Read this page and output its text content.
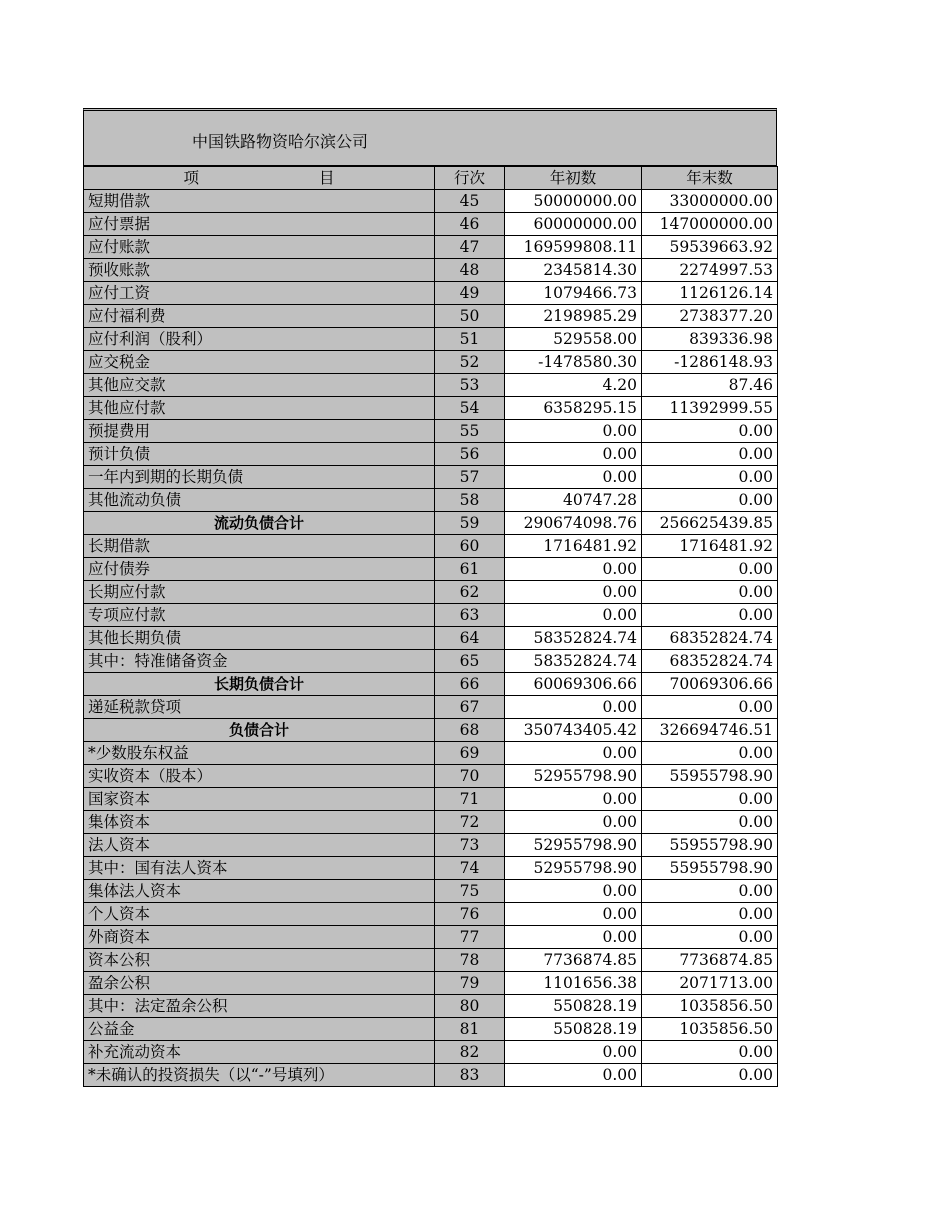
中国铁路物资哈尔滨公司
项 目	行次	年初数	年末数
短期借款	45	50000000.00	33000000.00
应付票据	46	60000000.00	147000000.00
应付账款	47	169599808.11	59539663.92
预收账款	48	2345814.30	2274997.53
应付工资	49	1079466.73	1126126.14
应付福利费	50	2198985.29	2738377.20
应付利润（股利）	51	529558.00	839336.98
应交税金	52	-1478580.30	-1286148.93
其他应交款	53	4.20	87.46
其他应付款	54	6358295.15	11392999.55
预提费用	55	0.00	0.00
预计负债	56	0.00	0.00
一年内到期的长期负债	57	0.00	0.00
其他流动负债	58	40747.28	0.00
流动负债合计	59	290674098.76	256625439.85
长期借款	60	1716481.92	1716481.92
应付债券	61	0.00	0.00
长期应付款	62	0.00	0.00
专项应付款	63	0.00	0.00
其他长期负债	64	58352824.74	68352824.74
其中：特准储备资金	65	58352824.74	68352824.74
长期负债合计	66	60069306.66	70069306.66
递延税款贷项	67	0.00	0.00
负债合计	68	350743405.42	326694746.51
*少数股东权益	69	0.00	0.00
实收资本（股本）	70	52955798.90	55955798.90
国家资本	71	0.00	0.00
集体资本	72	0.00	0.00
法人资本	73	52955798.90	55955798.90
其中：国有法人资本	74	52955798.90	55955798.90
集体法人资本	75	0.00	0.00
个人资本	76	0.00	0.00
外商资本	77	0.00	0.00
资本公积	78	7736874.85	7736874.85
盈余公积	79	1101656.38	2071713.00
其中：法定盈余公积	80	550828.19	1035856.50
公益金	81	550828.19	1035856.50
补充流动资本	82	0.00	0.00
*未确认的投资损失（以“-”号填列）	83	0.00	0.00
